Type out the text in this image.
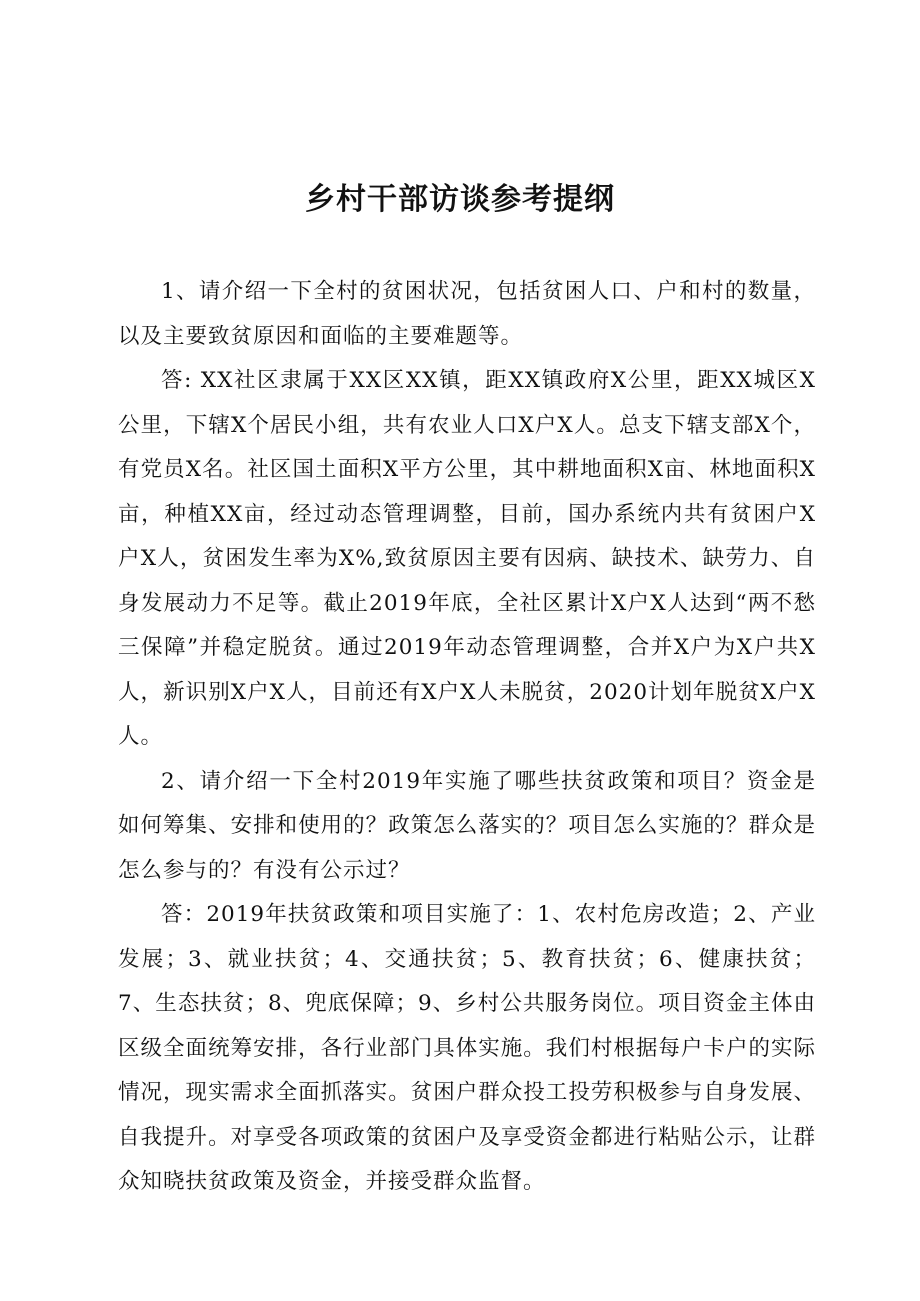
乡村干部访谈参考提纲

1、请介绍一下全村的贫困状况，包括贫困人口、户和村的数量，以及主要致贫原因和面临的主要难题等。

答: XX社区隶属于XX区XX镇，距XX镇政府X公里，距XX城区X公里，下辖X个居民小组，共有农业人口X户X人。总支下辖支部X个，有党员X名。社区国土面积X平方公里，其中耕地面积X亩、林地面积X亩，种植XX亩，经过动态管理调整，目前，国办系统内共有贫困户X户X人，贫困发生率为X%,致贫原因主要有因病、缺技术、缺劳力、自身发展动力不足等。截止2019年底，全社区累计X户X人达到“两不愁三保障”并稳定脱贫。通过2019年动态管理调整，合并X户为X户共X人，新识别X户X人，目前还有X户X人未脱贫，2020计划年脱贫X户X人。

2、请介绍一下全村2019年实施了哪些扶贫政策和项目？资金是如何筹集、安排和使用的？政策怎么落实的？项目怎么实施的？群众是怎么参与的？有没有公示过？

答：2019年扶贫政策和项目实施了：1、农村危房改造；2、产业发展；3、就业扶贫；4、交通扶贫；5、教育扶贫；6、健康扶贫；7、生态扶贫；8、兜底保障；9、乡村公共服务岗位。项目资金主体由区级全面统筹安排，各行业部门具体实施。我们村根据每户卡户的实际情况，现实需求全面抓落实。贫困户群众投工投劳积极参与自身发展、自我提升。对享受各项政策的贫困户及享受资金都进行粘贴公示，让群众知晓扶贫政策及资金，并接受群众监督。
